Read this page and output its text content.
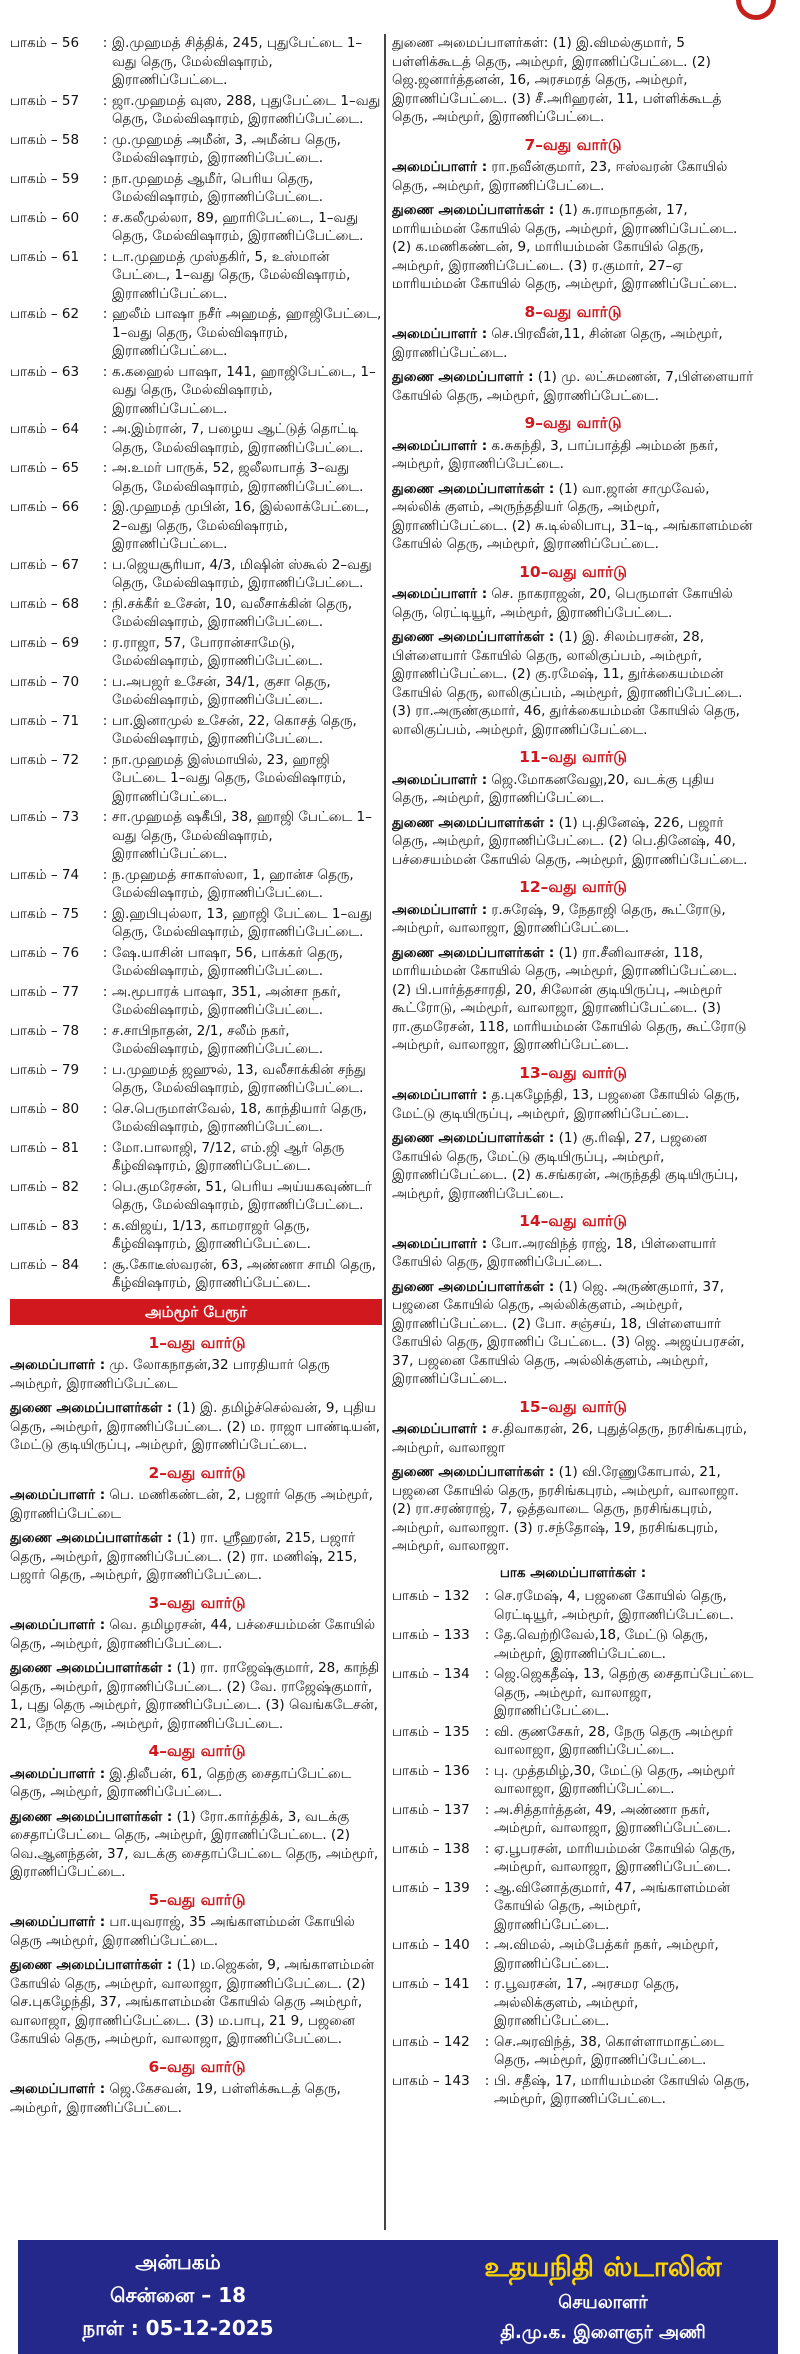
பாகம் – 56	: இ.முஹமத் சித்திக், 245, புதுபேட்டை 1–வது தெரு, மேல்விஷாரம், இராணிப்பேட்டை.
பாகம் – 57	: ஜா.முஹமத் வுஸ, 288, புதுபேட்டை 1–வது தெரு, மேல்விஷாரம், இராணிப்பேட்டை.
பாகம் – 58	: மு.முஹமத் அமீன், 3, அமீன்ப தெரு, மேல்விஷாரம், இராணிப்பேட்டை.
பாகம் – 59	: நா.முஹமத் ஆமீர், பெரிய தெரு, மேல்விஷாரம், இராணிப்பேட்டை.
பாகம் – 60	: ச.கலீமுல்லா, 89, ஹாரிபேட்டை, 1–வது தெரு, மேல்விஷாரம், இராணிப்பேட்டை.
பாகம் – 61	: டா.முஹமத் முஸ்தகிர், 5, உஸ்மான் பேட்டை, 1–வது தெரு, மேல்விஷாரம், இராணிப்பேட்டை.
பாகம் – 62	: ஹலீம் பாஷா நசீர் அஹமத், ஹாஜிபேட்டை, 1–வது தெரு, மேல்விஷாரம், இராணிப்பேட்டை.
பாகம் – 63	: க.கஹைல் பாஷா, 141, ஹாஜிபேட்டை, 1–வது தெரு, மேல்விஷாரம், இராணிப்பேட்டை.
பாகம் – 64	: அ.இம்ரான், 7, பழைய ஆட்டுத் தொட்டி தெரு, மேல்விஷாரம், இராணிப்பேட்டை.
பாகம் – 65	: அ.உமர் பாருக், 52, ஜலீலாபாத் 3–வது தெரு, மேல்விஷாரம், இராணிப்பேட்டை.
பாகம் – 66	: இ.முஹமத் முபின், 16, இல்லாக்பேட்டை, 2–வது தெரு, மேல்விஷாரம், இராணிப்பேட்டை.
பாகம் – 67	: ப.ஜெயசூரியா, 4/3, மிஷின் ஸ்கூல் 2–வது தெரு, மேல்விஷாரம், இராணிப்பேட்டை.
பாகம் – 68	: நி.சக்கீர் உசேன், 10, வலீசாக்கின் தெரு, மேல்விஷாரம், இராணிப்பேட்டை.
பாகம் – 69	: ர.ராஜா, 57, போரான்சாமேடு, மேல்விஷாரம், இராணிப்பேட்டை.
பாகம் – 70	: ப.அபஜர் உசேன், 34/1, குசா தெரு, மேல்விஷாரம், இராணிப்பேட்டை.
பாகம் – 71	: பா.இனாமுல் உசேன், 22, கொசத் தெரு, மேல்விஷாரம், இராணிப்பேட்டை.
பாகம் – 72	: நா.முஹமத் இஸ்மாயில், 23, ஹாஜி பேட்டை 1–வது தெரு, மேல்விஷாரம், இராணிப்பேட்டை.
பாகம் – 73	: சா.முஹமத் ஷகீபி, 38, ஹாஜி பேட்டை 1–வது தெரு, மேல்விஷாரம், இராணிப்பேட்டை.
பாகம் – 74	: ந.முஹமத் சாகாஸ்லா, 1, ஹான்ச தெரு, மேல்விஷாரம், இராணிப்பேட்டை.
பாகம் – 75	: இ.ஹபிபுல்லா, 13, ஹாஜி பேட்டை 1–வது தெரு, மேல்விஷாரம், இராணிப்பேட்டை.
பாகம் – 76	: ஷே.யாசின் பாஷா, 56, பாக்கர் தெரு, மேல்விஷாரம், இராணிப்பேட்டை.
பாகம் – 77	: அ.மூபாரக் பாஷா, 351, அன்சா நகர், மேல்விஷாரம், இராணிப்பேட்டை.
பாகம் – 78	: ச.சாபிநாதன், 2/1, சலீம் நகர், மேல்விஷாரம், இராணிப்பேட்டை.
பாகம் – 79	: ப.முஹமத் ஜஹுல், 13, வலீசாக்கின் சந்து தெரு, மேல்விஷாரம், இராணிப்பேட்டை.
பாகம் – 80	: செ.பெருமாள்வேல், 18, காந்தியார் தெரு, மேல்விஷாரம், இராணிப்பேட்டை.
பாகம் – 81	: மோ.பாலாஜி, 7/12, எம்.ஜி ஆர் தெரு கீழ்விஷாரம், இராணிப்பேட்டை.
பாகம் – 82	: பெ.குமரேசன், 51, பெரிய அய்யகவுண்டர் தெரு, மேல்விஷாரம், இராணிப்பேட்டை.
பாகம் – 83	: க.விஜய், 1/13, காமராஜர் தெரு, கீழ்விஷாரம், இராணிப்பேட்டை.
பாகம் – 84	: சூ.கோடீஸ்வரன், 63, அண்ணா சாமி தெரு, கீழ்விஷாரம், இராணிப்பேட்டை.
அம்மூர் பேரூர்
1–வது வார்டு
அமைப்பாளர் : மு. லோகநாதன்,32 பாரதியார் தெரு அம்மூர், இராணிப்பேட்டை
துணை அமைப்பாளர்கள் : (1) இ. தமிழ்ச்செல்வன், 9, புதிய தெரு, அம்மூர், இராணிப்பேட்டை. (2) ம. ராஜா பாண்டியன், மேட்டு குடியிருப்பு, அம்மூர், இராணிப்பேட்டை.
2–வது வார்டு
அமைப்பாளர் : பெ. மணிகண்டன், 2, பஜார் தெரு அம்மூர், இராணிப்பேட்டை
துணை அமைப்பாளர்கள் : (1) ரா. ஸ்ரீஹரன், 215, பஜார் தெரு, அம்மூர், இராணிப்பேட்டை. (2) ரா. மணிஷ், 215, பஜார் தெரு, அம்மூர், இராணிப்பேட்டை.
3–வது வார்டு
அமைப்பாளர் : வெ. தமிழரசன், 44, பச்சையம்மன் கோயில் தெரு, அம்மூர், இராணிப்பேட்டை.
துணை அமைப்பாளர்கள் : (1) ரா. ராஜேஷ்குமார், 28, காந்தி தெரு, அம்மூர், இராணிப்பேட்டை. (2) வே. ராஜேஷ்குமார், 1, புது தெரு அம்மூர், இராணிப்பேட்டை. (3) வெங்கடேசன், 21, நேரு தெரு, அம்மூர், இராணிப்பேட்டை.
4–வது வார்டு
அமைப்பாளர் : இ.திலீபன், 61, தெற்கு சைதாப்பேட்டை தெரு, அம்மூர், இராணிப்பேட்டை.
துணை அமைப்பாளர்கள் : (1) ரோ.கார்த்திக், 3, வடக்கு சைதாப்பேட்டை தெரு, அம்மூர், இராணிப்பேட்டை. (2) வெ.ஆனந்தன், 37, வடக்கு சைதாப்பேட்டை தெரு, அம்மூர், இராணிப்பேட்டை.
5–வது வார்டு
அமைப்பாளர் : பா.யுவராஜ், 35 அங்காளம்மன் கோயில் தெரு அம்மூர், இராணிப்பேட்டை.
துணை அமைப்பாளர்கள் : (1) ம.ஜெகன், 9, அங்காளம்மன் கோயில் தெரு, அம்மூர், வாலாஜா, இராணிப்பேட்டை. (2) செ.புகழேந்தி, 37, அங்காளம்மன் கோயில் தெரு அம்மூர், வாலாஜா, இராணிப்பேட்டை. (3) ம.பாபு, 21 9, பஜனை கோயில் தெரு, அம்மூர், வாலாஜா, இராணிப்பேட்டை.
6–வது வார்டு
அமைப்பாளர் : ஜெ.கேசவன், 19, பள்ளிக்கூடத் தெரு, அம்மூர், இராணிப்பேட்டை.
துணை அமைப்பாளர்கள்: (1) இ.விமல்குமார், 5 பள்ளிக்கூடத் தெரு, அம்மூர், இராணிப்பேட்டை. (2) ஜெ.ஜனார்த்தனன், 16, அரசமரத் தெரு, அம்மூர், இராணிப்பேட்டை. (3) சீ.அரிஹரன், 11, பள்ளிக்கூடத் தெரு, அம்மூர், இராணிப்பேட்டை.
7–வது வார்டு
அமைப்பாளர் : ரா.நவீன்குமார், 23, ஈஸ்வரன் கோயில் தெரு, அம்மூர், இராணிப்பேட்டை.
துணை அமைப்பாளர்கள் : (1) சு.ராமநாதன், 17, மாரியம்மன் கோயில் தெரு, அம்மூர், இராணிப்பேட்டை. (2) க.மணிகண்டன், 9, மாரியம்மன் கோயில் தெரு, அம்மூர், இராணிப்பேட்டை. (3) ர.குமார், 27–ஏ மாரியம்மன் கோயில் தெரு, அம்மூர், இராணிப்பேட்டை.
8–வது வார்டு
அமைப்பாளர் : செ.பிரவீன்,11, சின்ன தெரு, அம்மூர், இராணிப்பேட்டை.
துணை அமைப்பாளர் : (1) மு. லட்சுமணன், 7,பிள்ளையார் கோயில் தெரு, அம்மூர், இராணிப்பேட்டை.
9–வது வார்டு
அமைப்பாளர் : க.சுகந்தி, 3, பாப்பாத்தி அம்மன் நகர், அம்மூர், இராணிப்பேட்டை.
துணை அமைப்பாளர்கள் : (1) வா.ஜான் சாமுவேல், அல்லிக் குளம், அருந்ததியர் தெரு, அம்மூர், இராணிப்பேட்டை. (2) சு.டில்லிபாபு, 31–டி, அங்காளம்மன் கோயில் தெரு, அம்மூர், இராணிப்பேட்டை.
10–வது வார்டு
அமைப்பாளர் : செ. நாகராஜன், 20, பெருமாள் கோயில் தெரு, ரெட்டியூர், அம்மூர், இராணிப்பேட்டை.
துணை அமைப்பாளர்கள் : (1) இ. சிலம்பரசன், 28, பிள்ளையார் கோயில் தெரு, லாலிகுப்பம், அம்மூர், இராணிப்பேட்டை. (2) கு.ரமேஷ், 11, துர்க்கையம்மன் கோயில் தெரு, லாலிகுப்பம், அம்மூர், இராணிப்பேட்டை. (3) ரா.அருண்குமார், 46, துர்க்கையம்மன் கோயில் தெரு, லாலிகுப்பம், அம்மூர், இராணிப்பேட்டை.
11–வது வார்டு
அமைப்பாளர் : ஜெ.மோகனவேலு,20, வடக்கு புதிய தெரு, அம்மூர், இராணிப்பேட்டை.
துணை அமைப்பாளர்கள் : (1) பு.தினேஷ், 226, பஜார் தெரு, அம்மூர், இராணிப்பேட்டை. (2) பெ.தினேஷ், 40, பச்சையம்மன் கோயில் தெரு, அம்மூர், இராணிப்பேட்டை.
12–வது வார்டு
அமைப்பாளர் : ர.சுரேஷ், 9, நேதாஜி தெரு, கூட்ரோடு, அம்மூர், வாலாஜா, இராணிப்பேட்டை.
துணை அமைப்பாளர்கள் : (1) ரா.சீனிவாசன், 118, மாரியம்மன் கோயில் தெரு, அம்மூர், இராணிப்பேட்டை. (2) பி.பார்த்தசாரதி, 20, சிலோன் குடியிருப்பு, அம்மூர் கூட்ரோடு, அம்மூர், வாலாஜா, இராணிப்பேட்டை. (3) ரா.குமரேசன், 118, மாரியம்மன் கோயில் தெரு, கூட்ரோடு அம்மூர், வாலாஜா, இராணிப்பேட்டை.
13–வது வார்டு
அமைப்பாளர் : த.புகழேந்தி, 13, பஜனை கோயில் தெரு, மேட்டு குடியிருப்பு, அம்மூர், இராணிப்பேட்டை.
துணை அமைப்பாளர்கள் : (1) கு.ரிஷி, 27, பஜனை கோயில் தெரு, மேட்டு குடியிருப்பு, அம்மூர், இராணிப்பேட்டை. (2) க.சங்கரன், அருந்ததி குடியிருப்பு, அம்மூர், இராணிப்பேட்டை.
14–வது வார்டு
அமைப்பாளர் : போ.அரவிந்த் ராஜ், 18, பிள்ளையார் கோயில் தெரு, இராணிப்பேட்டை.
துணை அமைப்பாளர்கள் : (1) ஜெ. அருண்குமார், 37, பஜனை கோயில் தெரு, அல்லிக்குளம், அம்மூர், இராணிப்பேட்டை. (2) போ. சஞ்சய், 18, பிள்ளையார் கோயில் தெரு, இராணிப் பேட்டை. (3) ஜெ. அஜய்பரசன், 37, பஜனை கோயில் தெரு, அல்லிக்குளம், அம்மூர், இராணிப்பேட்டை.
15–வது வார்டு
அமைப்பாளர் : ச.திவாகரன், 26, புதுத்தெரு, நரசிங்கபுரம், அம்மூர், வாலாஜா
துணை அமைப்பாளர்கள் : (1) வி.ரேணுகோபால், 21, பஜனை கோயில் தெரு, நரசிங்கபுரம், அம்மூர், வாலாஜா. (2) ரா.சரண்ராஜ், 7, ஒத்தவாடை தெரு, நரசிங்கபுரம், அம்மூர், வாலாஜா. (3) ர.சந்தோஷ், 19, நரசிங்கபுரம், அம்மூர், வாலாஜா.
பாக அமைப்பாளர்கள் :
பாகம் – 132	: செ.ரமேஷ், 4, பஜனை கோயில் தெரு, ரெட்டியூர், அம்மூர், இராணிப்பேட்டை.
பாகம் – 133	: தே.வெற்றிவேல்,18, மேட்டு தெரு, அம்மூர், இராணிப்பேட்டை.
பாகம் – 134	: ஜெ.ஜெகதீஷ், 13, தெற்கு சைதாப்பேட்டை தெரு, அம்மூர், வாலாஜா, இராணிப்பேட்டை.
பாகம் – 135	: வி. குணசேகர், 28, நேரு தெரு அம்மூர் வாலாஜா, இராணிப்பேட்டை.
பாகம் – 136	: பு. முத்தமிழ்,30, மேட்டு தெரு, அம்மூர் வாலாஜா, இராணிப்பேட்டை.
பாகம் – 137	: அ.சித்தார்த்தன், 49, அண்ணா நகர், அம்மூர், வாலாஜா, இராணிப்பேட்டை.
பாகம் – 138	: ஏ.பூபரசன், மாரியம்மன் கோயில் தெரு, அம்மூர், வாலாஜா, இராணிப்பேட்டை.
பாகம் – 139	: ஆ.வினோத்குமார், 47, அங்காளம்மன் கோயில் தெரு, அம்மூர், இராணிப்பேட்டை.
பாகம் – 140	: அ.விமல், அம்பேத்கர் நகர், அம்மூர், இராணிப்பேட்டை.
பாகம் – 141	: ர.பூவரசன், 17, அரசமர தெரு, அல்லிக்குளம், அம்மூர், இராணிப்பேட்டை.
பாகம் – 142	: செ.அரவிந்த், 38, கொள்ளாமாதட்டை தெரு, அம்மூர், இராணிப்பேட்டை.
பாகம் – 143	: பி. சதீஷ், 17, மாரியம்மன் கோயில் தெரு, அம்மூர், இராணிப்பேட்டை.
அன்பகம்
சென்னை – 18
நாள் : 05-12-2025
உதயநிதி ஸ்டாலின்
செயலாளர்
தி.மு.க. இளைஞர் அணி
